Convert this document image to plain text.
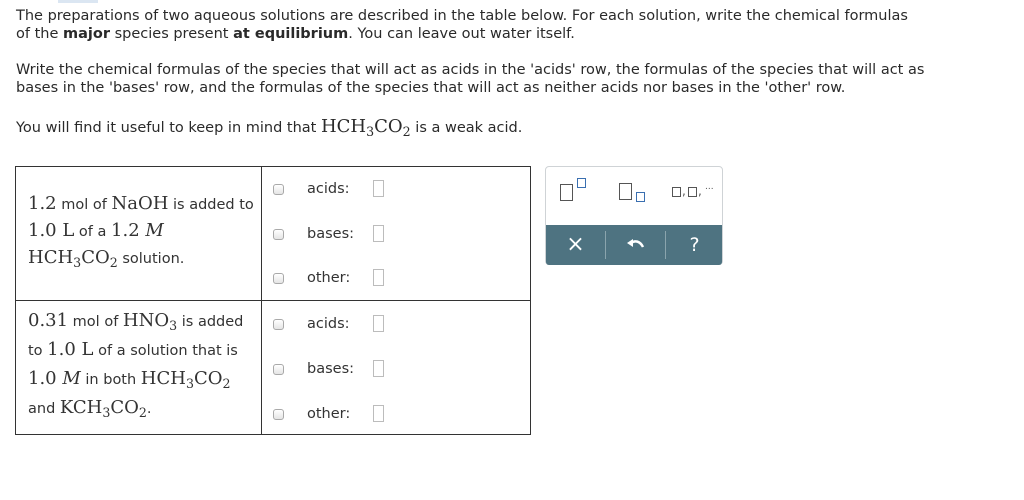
The preparations of two aqueous solutions are described in the table below. For each solution, write the chemical formulas
of the major species present at equilibrium. You can leave out water itself.

Write the chemical formulas of the species that will act as acids in the 'acids' row, the formulas of the species that will act as
bases in the 'bases' row, and the formulas of the species that will act as neither acids nor bases in the 'other' row.

You will find it useful to keep in mind that $HCH_3CO_2$ is a weak acid.

1.2 mol of NaOH is added to
1.0 L of a 1.2 M
$HCH_3CO_2$ solution.
0.31 mol of $HNO_3$ is added
to 1.0 L of a solution that is
1.0 M in both $HCH_3CO_2$
and $KCH_3CO_2$.
acids:
bases:
other:
acids:
bases:
other:
, , ...
×	?
